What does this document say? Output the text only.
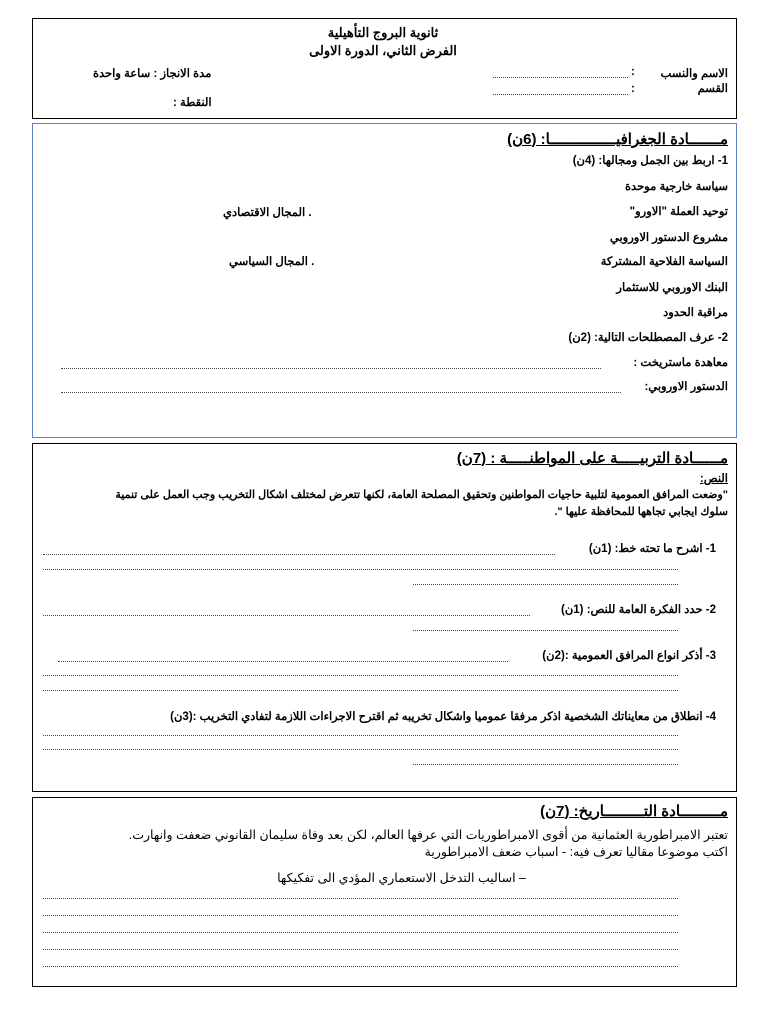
ثانوية البروج التأهيلية
الفرض الثاني، الدورة الاولى
الاسم والنسب
:
القسم
:
مدة الانجاز : ساعة واحدة
النقطة :
مـــــــادة الجغرافيـــــــــــــــا: (6ن)
1- اربط بين الجمل ومجالها: (4ن)
سياسة خارجية موحدة
توحيد العملة "الاورو"
. المجال الاقتصادي
مشروع الدستور الاوروبي
السياسة الفلاحية المشتركة
. المجال السياسي
البنك الاوروبي للاستثمار
مراقبة الحدود
2- عرف المصطلحات التالية: (2ن)
معاهدة ماستريخت :
الدستور الاوروبي:
مــــــادة التربيـــــة على المواطنـــــة : (7ن)
النص:
"وضعت المرافق العمومية لتلبية حاجيات المواطنين وتحقيق المصلحة العامة، لكنها تتعرض لمختلف اشكال التخريب وجب العمل على تنمية
سلوك ايجابي تجاهها للمحافظة عليها ".
1- اشرح ما تحته خط: (1ن)
2- حدد الفكرة العامة للنص: (1ن)
3- أذكر انواع المرافق العمومية :(2ن)
4- انطلاق من معايناتك الشخصية اذكر مرفقا عموميا واشكال تخريبه ثم اقترح الاجراءات اللازمة لتفادي التخريب :(3ن)
مـــــــــادة التـــــــــاريخ: (7ن)
تعتبر الامبراطورية العثمانية من أقوى الامبراطوريات التي عرفها العالم، لكن بعد وفاة سليمان القانوني ضعفت وانهارت.
اكتب موضوعا مقاليا تعرف فيه: - اسباب ضعف الامبراطورية
– اساليب التدخل الاستعماري المؤدي الى تفكيكها
